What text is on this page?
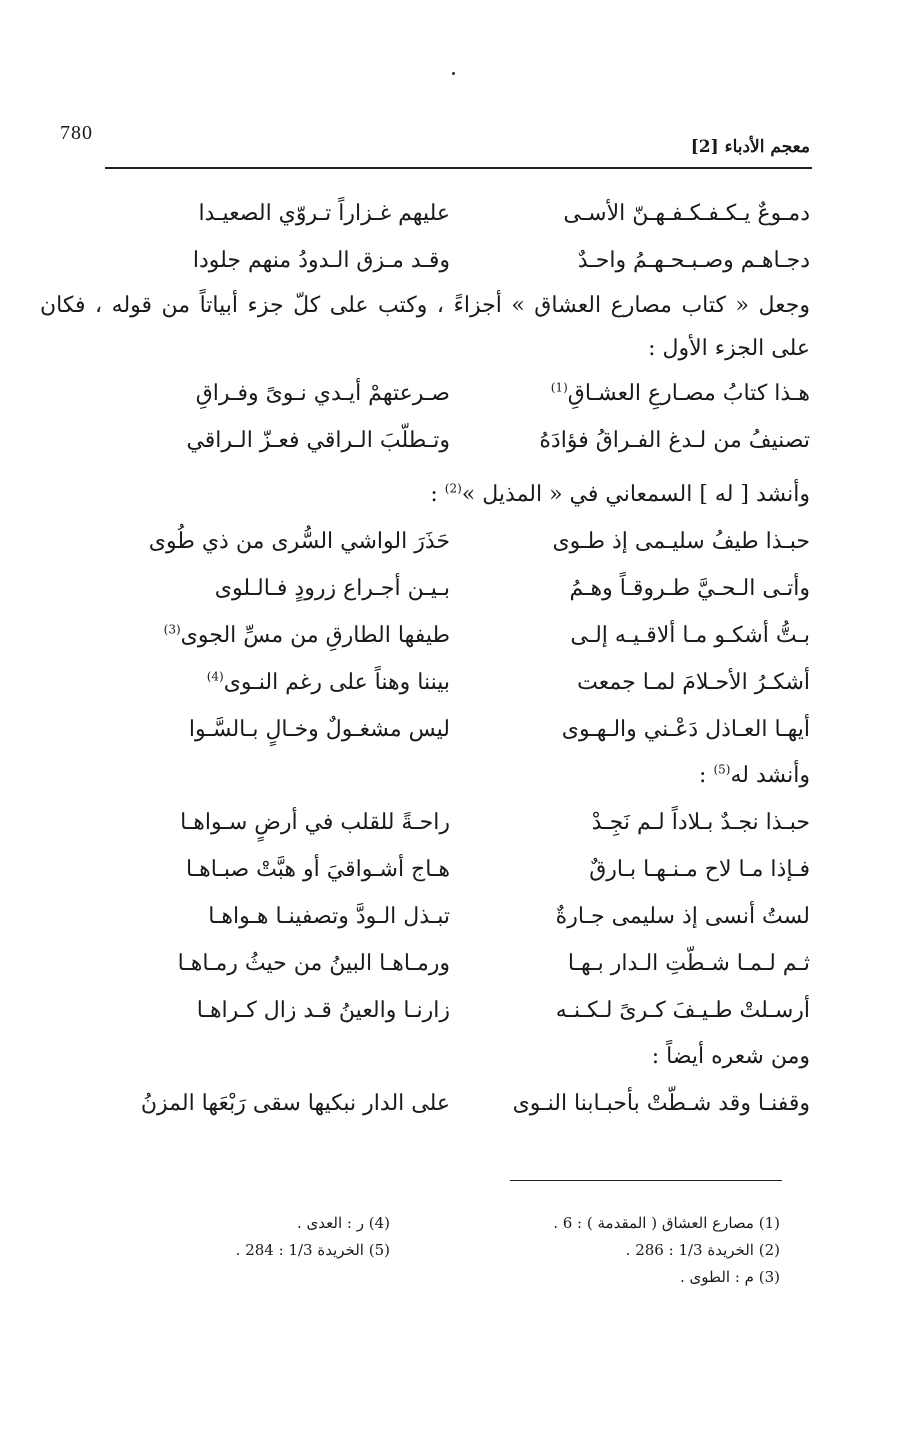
780
معجم الأدباء [2]
دمـوعٌ يـكـفـكـفـهـنّ الأسـى
عليهم غـزاراً تـروّي الصعيـدا
دجـاهـم وصـبـحـهـمُ واحـدٌ
وقـد مـزق الـدودُ منهم جلودا
وجعل « كتاب مصارع العشاق » أجزاءً ، وكتب على كلّ جزء أبياتاً من قوله ، فكان على الجزء الأول :
هـذا كتابُ مصـارعِ العشـاقِ$^{(1)}$
صـرعتهمْ أيـدي نـوىً وفـراقِ
تصنيفُ من لـدغ الفـراقُ فؤادَهُ
وتـطلّبَ الـراقي فعـزّ الـراقي
وأنشد [ له ] السمعاني في « المذيل »$^{(2)}$ :
حبـذا طيفُ سليـمى إذ طـوى
حَذَرَ الواشي السُّرى من ذي طُوى
وأتـى الـحـيَّ طـروقـاً وهـمُ
بـيـن أجـراع زرودٍ فـالـلوى
بـتُّ أشكـو مـا ألاقـيـه إلـى
طيفها الطارقِ من مسِّ الجوى$^{(3)}$
أشكـرُ الأحـلامَ لمـا جمعت
بيننا وهناً على رغم النـوى$^{(4)}$
أيهـا العـاذل دَعْـني والـهـوى
ليس مشغـولٌ وخـالٍ بـالسَّـوا
وأنشد له$^{(5)}$ :
حبـذا نجـدٌ بـلاداً لـم نَجِـدْ
راحـةً للقلب في أرضٍ سـواهـا
فـإذا مـا لاح مـنـهـا بـارقٌ
هـاج أشـواقيَ أو هبَّتْ صبـاهـا
لستُ أنسى إذ سليمى جـارةٌ
تبـذل الـودَّ وتصفينـا هـواهـا
ثـم لـمـا شـطّتِ الـدار بـهـا
ورمـاهـا البينُ من حيثُ رمـاهـا
أرسـلتْ طـيـفَ كـرىً لـكـنـه
زارنـا والعينُ قـد زال كـراهـا
ومن شعره أيضاً :
وقفنـا وقد شـطّتْ بأحبـابنا النـوى
على الدار نبكيها سقى رَبْعَها المزنُ
(1) مصارع العشاق ( المقدمة ) : 6 .
(2) الخريدة 1/3 : 286 .
(3) م : الطوى .
(4) ر : العدى .
(5) الخريدة 1/3 : 284 .
